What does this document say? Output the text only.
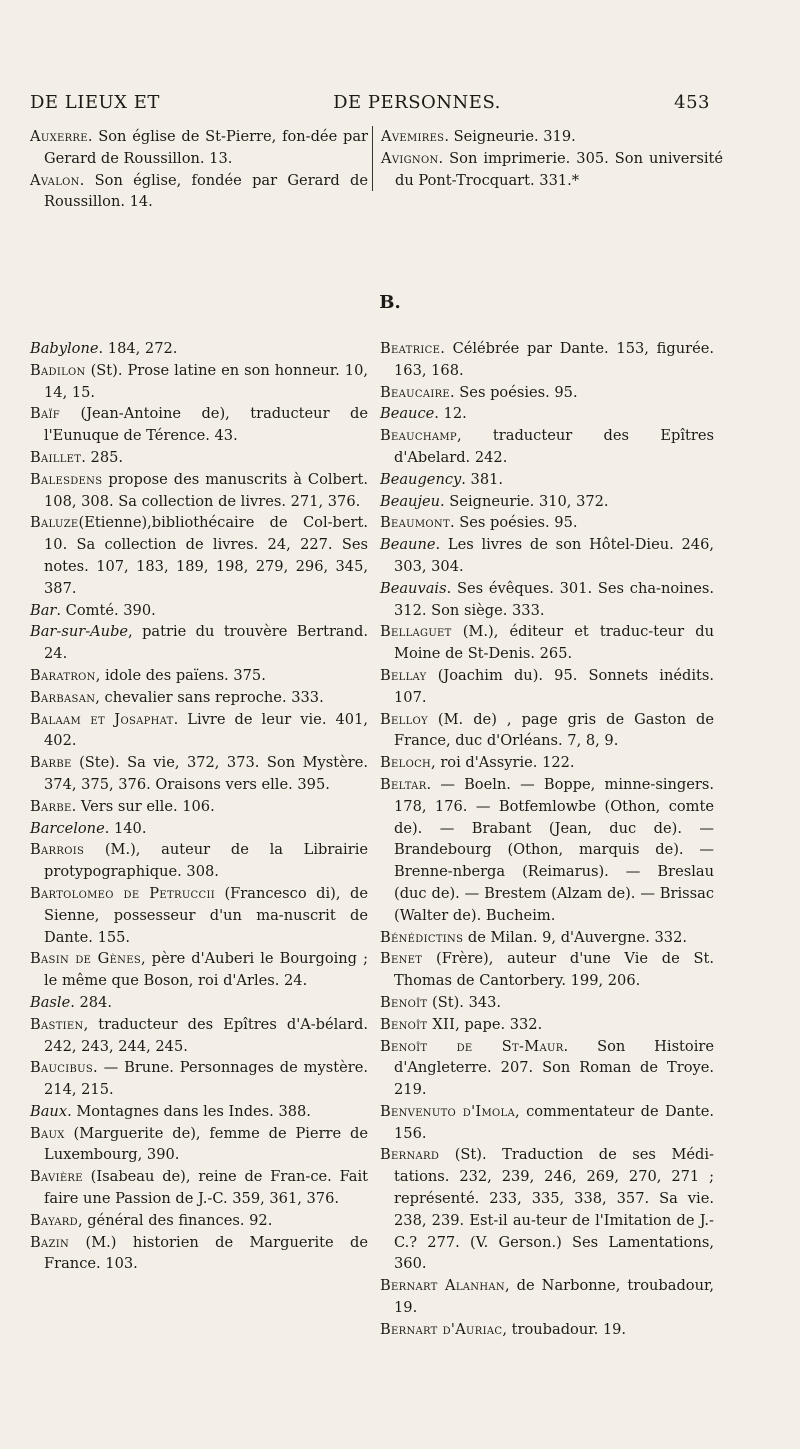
DE LIEUX ET	DE PERSONNES.	453

Auxerre. Son église de St-Pierre, fon-dée par Gerard de Roussillon. 13.

Avalon. Son église, fondée par Gerard de Roussillon. 14.

Avemires. Seigneurie. 319.

Avignon. Son imprimerie. 305. Son université du Pont-Trocquart. 331.*

B.

Babylone. 184, 272.

Badilon (St). Prose latine en son honneur. 10, 14, 15.

Baïf (Jean-Antoine de), traducteur de l'Eunuque de Térence. 43.

Baillet. 285.

Balesdens propose des manuscrits à Colbert. 108, 308. Sa collection de livres. 271, 376.

Baluze(Etienne),bibliothécaire de Col-bert. 10. Sa collection de livres. 24, 227. Ses notes. 107, 183, 189, 198, 279, 296, 345, 387.

Bar. Comté. 390.

Bar-sur-Aube, patrie du trouvère Bertrand. 24.

Baratron, idole des païens. 375.

Barbasan, chevalier sans reproche. 333.

Balaam et Josaphat. Livre de leur vie. 401, 402.

Barbe (Ste). Sa vie, 372, 373. Son Mystère. 374, 375, 376. Oraisons vers elle. 395.

Barbe. Vers sur elle. 106.

Barcelone. 140.

Barrois (M.), auteur de la Librairie protypographique. 308.

Bartolomeo de Petruccii (Francesco di), de Sienne, possesseur d'un ma-nuscrit de Dante. 155.

Basin de Gènes, père d'Auberi le Bourgoing ; le même que Boson, roi d'Arles. 24.

Basle. 284.

Bastien, traducteur des Epîtres d'A-bélard. 242, 243, 244, 245.

Baucibus. — Brune. Personnages de mystère. 214, 215.

Baux. Montagnes dans les Indes. 388.

Baux (Marguerite de), femme de Pierre de Luxembourg, 390.

Bavière (Isabeau de), reine de Fran-ce. Fait faire une Passion de J.-C. 359, 361, 376.

Bayard, général des finances. 92.

Bazin (M.) historien de Marguerite de France. 103.

Beatrice. Célébrée par Dante. 153, figurée. 163, 168.

Beaucaire. Ses poésies. 95.

Beauce. 12.

Beauchamp, traducteur des Epîtres d'Abelard. 242.

Beaugency. 381.

Beaujeu. Seigneurie. 310, 372.

Beaumont. Ses poésies. 95.

Beaune. Les livres de son Hôtel-Dieu. 246, 303, 304.

Beauvais. Ses évêques. 301. Ses cha-noines. 312. Son siège. 333.

Bellaguet (M.), éditeur et traduc-teur du Moine de St-Denis. 265.

Bellay (Joachim du). 95. Sonnets inédits. 107.

Belloy (M. de) , page gris de Gaston de France, duc d'Orléans. 7, 8, 9.

Beloch, roi d'Assyrie. 122.

Beltar. — Boeln. — Boppe, minne-singers. 178, 176. — Botfemlowbe (Othon, comte de). — Brabant (Jean, duc de). — Brandebourg (Othon, marquis de). — Brenne-nberga (Reimarus). — Breslau (duc de). — Brestem (Alzam de). — Brissac (Walter de). Bucheim.

Bénédictins de Milan. 9, d'Auvergne. 332.

Benet (Frère), auteur d'une Vie de St. Thomas de Cantorbery. 199, 206.

Benoît (St). 343.

Benoît XII, pape. 332.

Benoît de St-Maur. Son Histoire d'Angleterre. 207. Son Roman de Troye. 219.

Benvenuto d'Imola, commentateur de Dante. 156.

Bernard (St). Traduction de ses Médi-tations. 232, 239, 246, 269, 270, 271 ; représenté. 233, 335, 338, 357. Sa vie. 238, 239. Est-il au-teur de l'Imitation de J.-C.? 277. (V. Gerson.) Ses Lamentations, 360.

Bernart Alanhan, de Narbonne, troubadour, 19.

Bernart d'Auriac, troubadour. 19.
